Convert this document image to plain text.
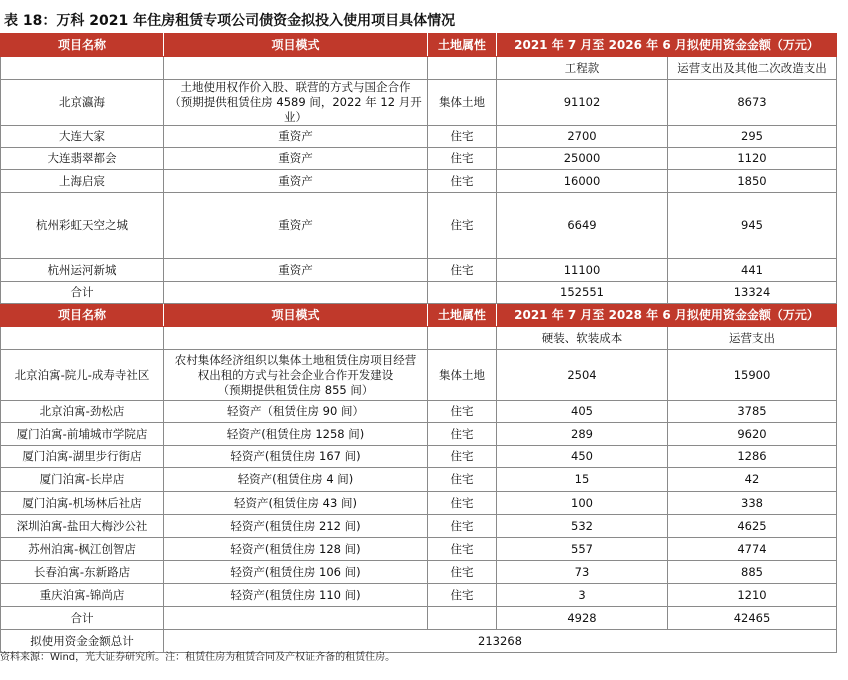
表 18：万科 2021 年住房租赁专项公司债资金拟投入使用项目具体情况
项目名称	项目模式	土地属性	2021 年 7 月至 2026 年 6 月拟使用资金金额（万元）	
			工程款	运营支出及其他二次改造支出
北京瀛海	土地使用权作价入股、联营的方式与国企合作
（预期提供租赁住房 4589 间，2022 年 12 月开业）	集体土地	91102	8673
大连大家	重资产	住宅	2700	295
大连翡翠都会	重资产	住宅	25000	1120
上海启宸	重资产	住宅	16000	1850
杭州彩虹天空之城	重资产	住宅	6649	945
杭州运河新城	重资产	住宅	11100	441
合计			152551	13324
项目名称	项目模式	土地属性	2021 年 7 月至 2028 年 6 月拟使用资金金额（万元）	
			硬装、软装成本	运营支出
北京泊寓-院儿-成寿寺社区	农村集体经济组织以集体土地租赁住房项目经营
权出租的方式与社会企业合作开发建设
（预期提供租赁住房 855 间）	集体土地	2504	15900
北京泊寓-劲松店	轻资产（租赁住房 90 间）	住宅	405	3785
厦门泊寓-前埔城市学院店	轻资产(租赁住房 1258 间)	住宅	289	9620
厦门泊寓-湖里步行街店	轻资产(租赁住房 167 间)	住宅	450	1286
厦门泊寓-长岸店	轻资产(租赁住房 4 间)	住宅	15	42
厦门泊寓-机场林后社店	轻资产(租赁住房 43 间)	住宅	100	338
深圳泊寓-盐田大梅沙公社	轻资产(租赁住房 212 间)	住宅	532	4625
苏州泊寓-枫江创智店	轻资产(租赁住房 128 间)	住宅	557	4774
长春泊寓-东新路店	轻资产(租赁住房 106 间)	住宅	73	885
重庆泊寓-锦尚店	轻资产(租赁住房 110 间)	住宅	3	1210
合计			4928	42465
拟使用资金金额总计	213268			
资料来源：Wind，光大证券研究所。注：租赁住房为租赁合同及产权证齐备的租赁住房。
